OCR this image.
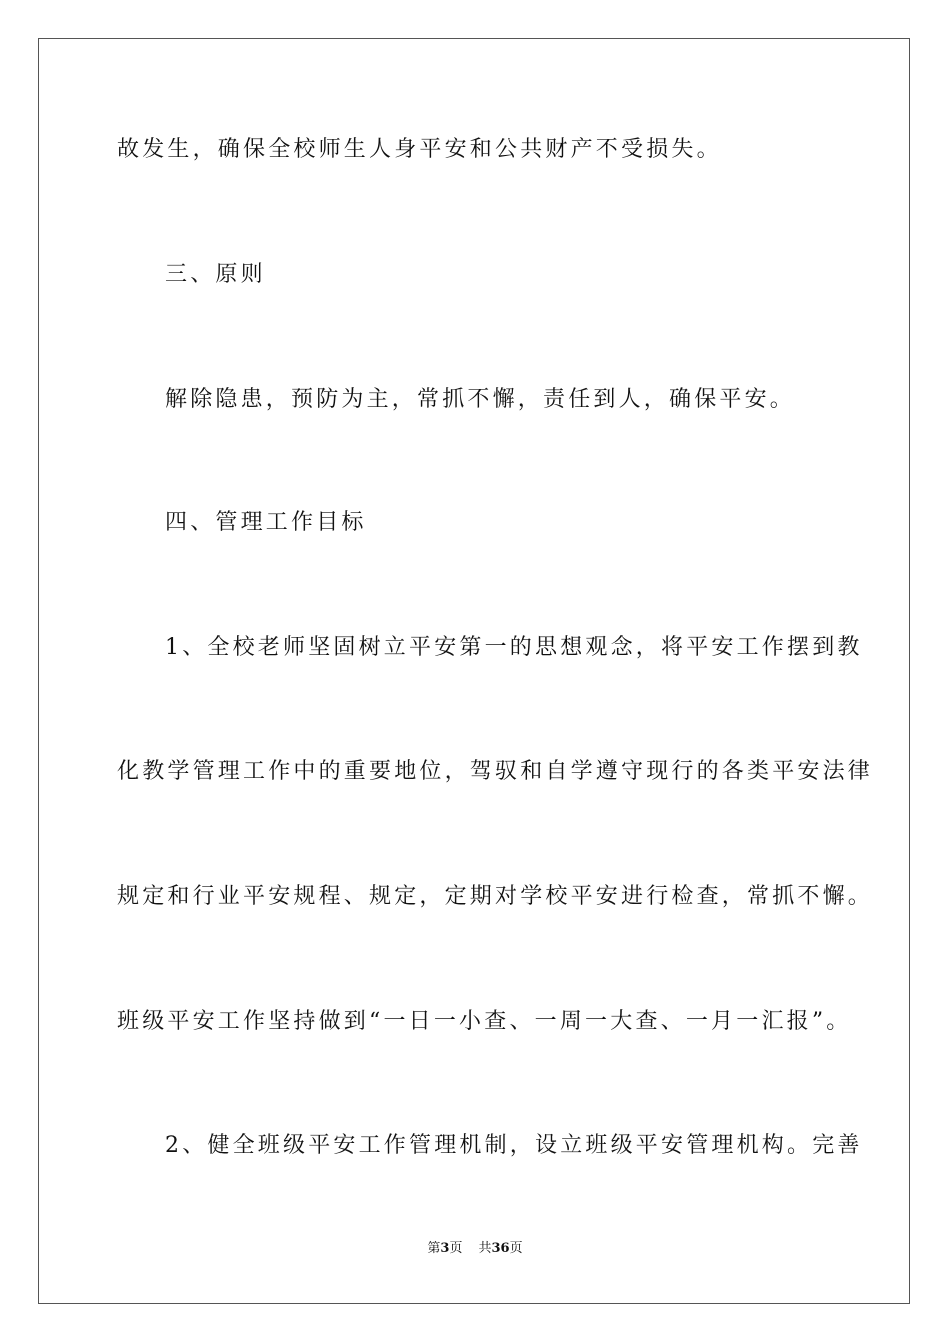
故发生，确保全校师生人身平安和公共财产不受损失。
三、原则
解除隐患，预防为主，常抓不懈，责任到人，确保平安。
四、管理工作目标
1、全校老师坚固树立平安第一的思想观念，将平安工作摆到教
化教学管理工作中的重要地位，驾驭和自学遵守现行的各类平安法律
规定和行业平安规程、规定，定期对学校平安进行检查，常抓不懈。
班级平安工作坚持做到“一日一小查、一周一大查、一月一汇报”。
2、健全班级平安工作管理机制，设立班级平安管理机构。完善
第3页 共36页
